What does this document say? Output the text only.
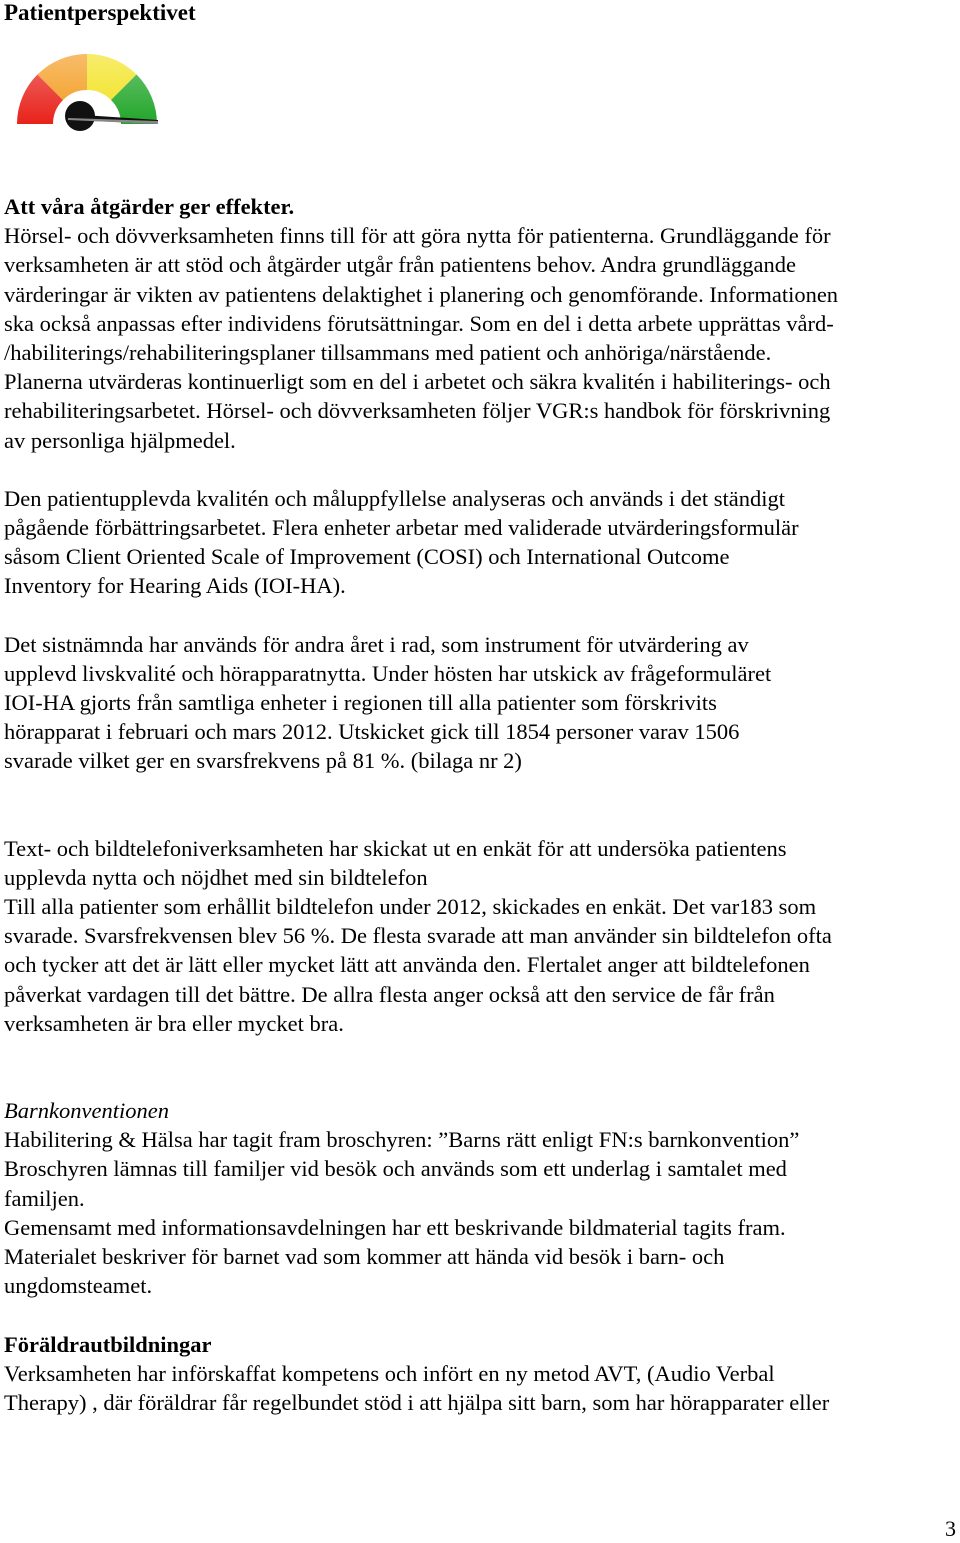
Patientperspektivet

Att våra åtgärder ger effekter.

Hörsel- och dövverksamheten finns till för att göra nytta för patienterna. Grundläggande för

verksamheten är att stöd och åtgärder utgår från patientens behov. Andra grundläggande

värderingar är vikten av patientens delaktighet i planering och genomförande. Informationen

ska också anpassas efter individens förutsättningar. Som en del i detta arbete upprättas vård-

/habiliterings/rehabiliteringsplaner tillsammans med patient och anhöriga/närstående.

Planerna utvärderas kontinuerligt som en del i arbetet och säkra kvalitén i habiliterings- och

rehabiliteringsarbetet. Hörsel- och dövverksamheten följer VGR:s handbok för förskrivning

av personliga hjälpmedel.

Den patientupplevda kvalitén och måluppfyllelse analyseras och används i det ständigt

pågående förbättringsarbetet. Flera enheter arbetar med validerade utvärderingsformulär

såsom Client Oriented Scale of Improvement (COSI) och International Outcome

Inventory for Hearing Aids (IOI-HA).

Det sistnämnda har används för andra året i rad, som instrument för utvärdering av

upplevd livskvalité och hörapparatnytta. Under hösten har utskick av frågeformuläret

IOI-HA gjorts från samtliga enheter i regionen till alla patienter som förskrivits

hörapparat i februari och mars 2012. Utskicket gick till 1854 personer varav 1506

svarade vilket ger en svarsfrekvens på 81 %. (bilaga nr 2)

Text- och bildtelefoniverksamheten har skickat ut en enkät för att undersöka patientens

upplevda nytta och nöjdhet med sin bildtelefon

Till alla patienter som erhållit bildtelefon under 2012, skickades en enkät. Det var183 som

svarade. Svarsfrekvensen blev 56 %. De flesta svarade att man använder sin bildtelefon ofta

och tycker att det är lätt eller mycket lätt att använda den. Flertalet anger att bildtelefonen

påverkat vardagen till det bättre. De allra flesta anger också att den service de får från

verksamheten är bra eller mycket bra.

Barnkonventionen

Habilitering & Hälsa har tagit fram broschyren: ”Barns rätt enligt FN:s barnkonvention”

Broschyren lämnas till familjer vid besök och används som ett underlag i samtalet med

familjen.

Gemensamt med informationsavdelningen har ett beskrivande bildmaterial tagits fram.

Materialet beskriver för barnet vad som kommer att hända vid besök i barn- och

ungdomsteamet.

Föräldrautbildningar

Verksamheten har införskaffat kompetens och infört en ny metod AVT, (Audio Verbal

Therapy) , där föräldrar får regelbundet stöd i att hjälpa sitt barn, som har hörapparater eller

3
